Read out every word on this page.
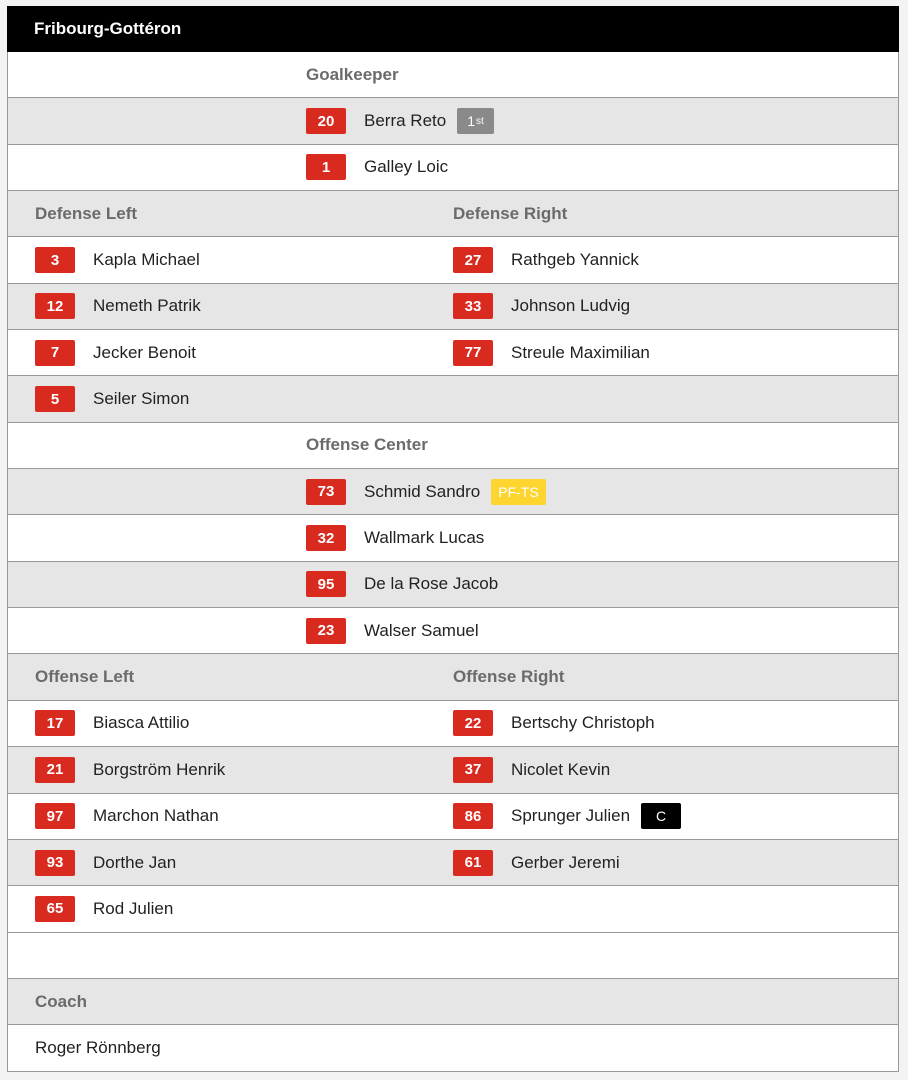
Fribourg-Gottéron
Goalkeeper
20	Berra Reto 1 st
1	Galley Loic
Defense Left	Defense Right
3	Kapla Michael	27	Rathgeb Yannick
12	Nemeth Patrik	33	Johnson Ludvig
7	Jecker Benoit	77	Streule Maximilian
5	Seiler Simon
Offense Center
73	Schmid Sandro	PF-TS
32	Wallmark Lucas
95	De la Rose Jacob
23	Walser Samuel
Offense Left	Offense Right
17	Biasca Attilio	22	Bertschy Christoph
21	Borgström Henrik	37	Nicolet Kevin
97	Marchon Nathan	86	Sprunger Julien	C
93	Dorthe Jan	61	Gerber Jeremi
65	Rod Julien
Coach
Roger Rönnberg
